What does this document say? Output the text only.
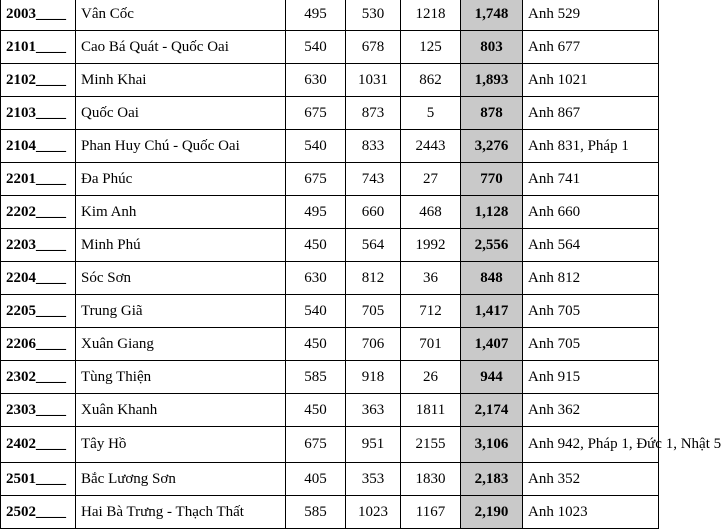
2003____	Vân Cốc	495	530	1218	1,748	Anh 529
2101____	Cao Bá Quát - Quốc Oai	540	678	125	803	Anh 677
2102____	Minh Khai	630	1031	862	1,893	Anh 1021
2103____	Quốc Oai	675	873	5	878	Anh 867
2104____	Phan Huy Chú - Quốc Oai	540	833	2443	3,276	Anh 831, Pháp 1
2201____	Đa Phúc	675	743	27	770	Anh 741
2202____	Kim Anh	495	660	468	1,128	Anh 660
2203____	Minh Phú	450	564	1992	2,556	Anh 564
2204____	Sóc Sơn	630	812	36	848	Anh 812
2205____	Trung Giã	540	705	712	1,417	Anh 705
2206____	Xuân Giang	450	706	701	1,407	Anh 705
2302____	Tùng Thiện	585	918	26	944	Anh 915
2303____	Xuân Khanh	450	363	1811	2,174	Anh 362
2402____	Tây Hồ	675	951	2155	3,106	Anh 942, Pháp 1, Đức 1, Nhật 5
2501____	Bắc Lương Sơn	405	353	1830	2,183	Anh 352
2502____	Hai Bà Trưng - Thạch Thất	585	1023	1167	2,190	Anh 1023
